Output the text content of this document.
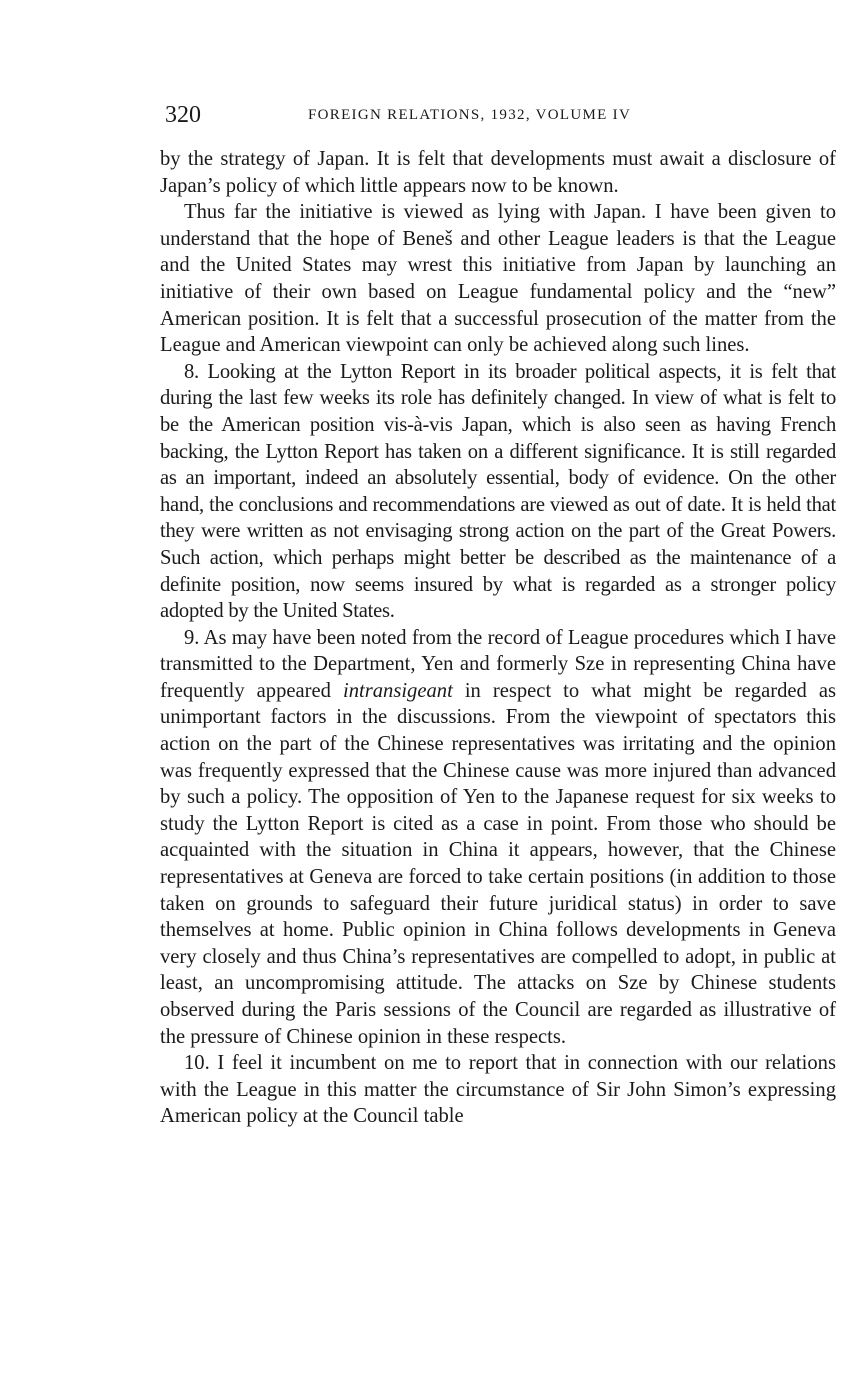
320	FOREIGN RELATIONS, 1932, VOLUME IV

by the strategy of Japan. It is felt that developments must await a disclosure of Japan’s policy of which little appears now to be known.

Thus far the initiative is viewed as lying with Japan. I have been given to understand that the hope of Beneš and other League leaders is that the League and the United States may wrest this initiative from Japan by launching an initiative of their own based on League fundamental policy and the “new” American position. It is felt that a successful prosecution of the matter from the League and American viewpoint can only be achieved along such lines.

8. Looking at the Lytton Report in its broader political aspects, it is felt that during the last few weeks its role has definitely changed. In view of what is felt to be the American position vis-à-vis Japan, which is also seen as having French backing, the Lytton Report has taken on a different significance. It is still regarded as an important, indeed an absolutely essential, body of evidence. On the other hand, the conclusions and recommendations are viewed as out of date. It is held that they were written as not envisaging strong action on the part of the Great Powers. Such action, which perhaps might better be described as the maintenance of a definite position, now seems insured by what is regarded as a stronger policy adopted by the United States.

9. As may have been noted from the record of League procedures which I have transmitted to the Department, Yen and formerly Sze in representing China have frequently appeared intransigeant in respect to what might be regarded as unimportant factors in the discussions. From the viewpoint of spectators this action on the part of the Chinese representatives was irritating and the opinion was frequently expressed that the Chinese cause was more injured than advanced by such a policy. The opposition of Yen to the Japanese request for six weeks to study the Lytton Report is cited as a case in point. From those who should be acquainted with the situation in China it appears, however, that the Chinese representatives at Geneva are forced to take certain positions (in addition to those taken on grounds to safeguard their future juridical status) in order to save themselves at home. Public opinion in China follows developments in Geneva very closely and thus China’s representatives are compelled to adopt, in public at least, an uncompromising attitude. The attacks on Sze by Chinese students observed during the Paris sessions of the Council are regarded as illustrative of the pressure of Chinese opinion in these respects.

10. I feel it incumbent on me to report that in connection with our relations with the League in this matter the circumstance of Sir John Simon’s expressing American policy at the Council table
